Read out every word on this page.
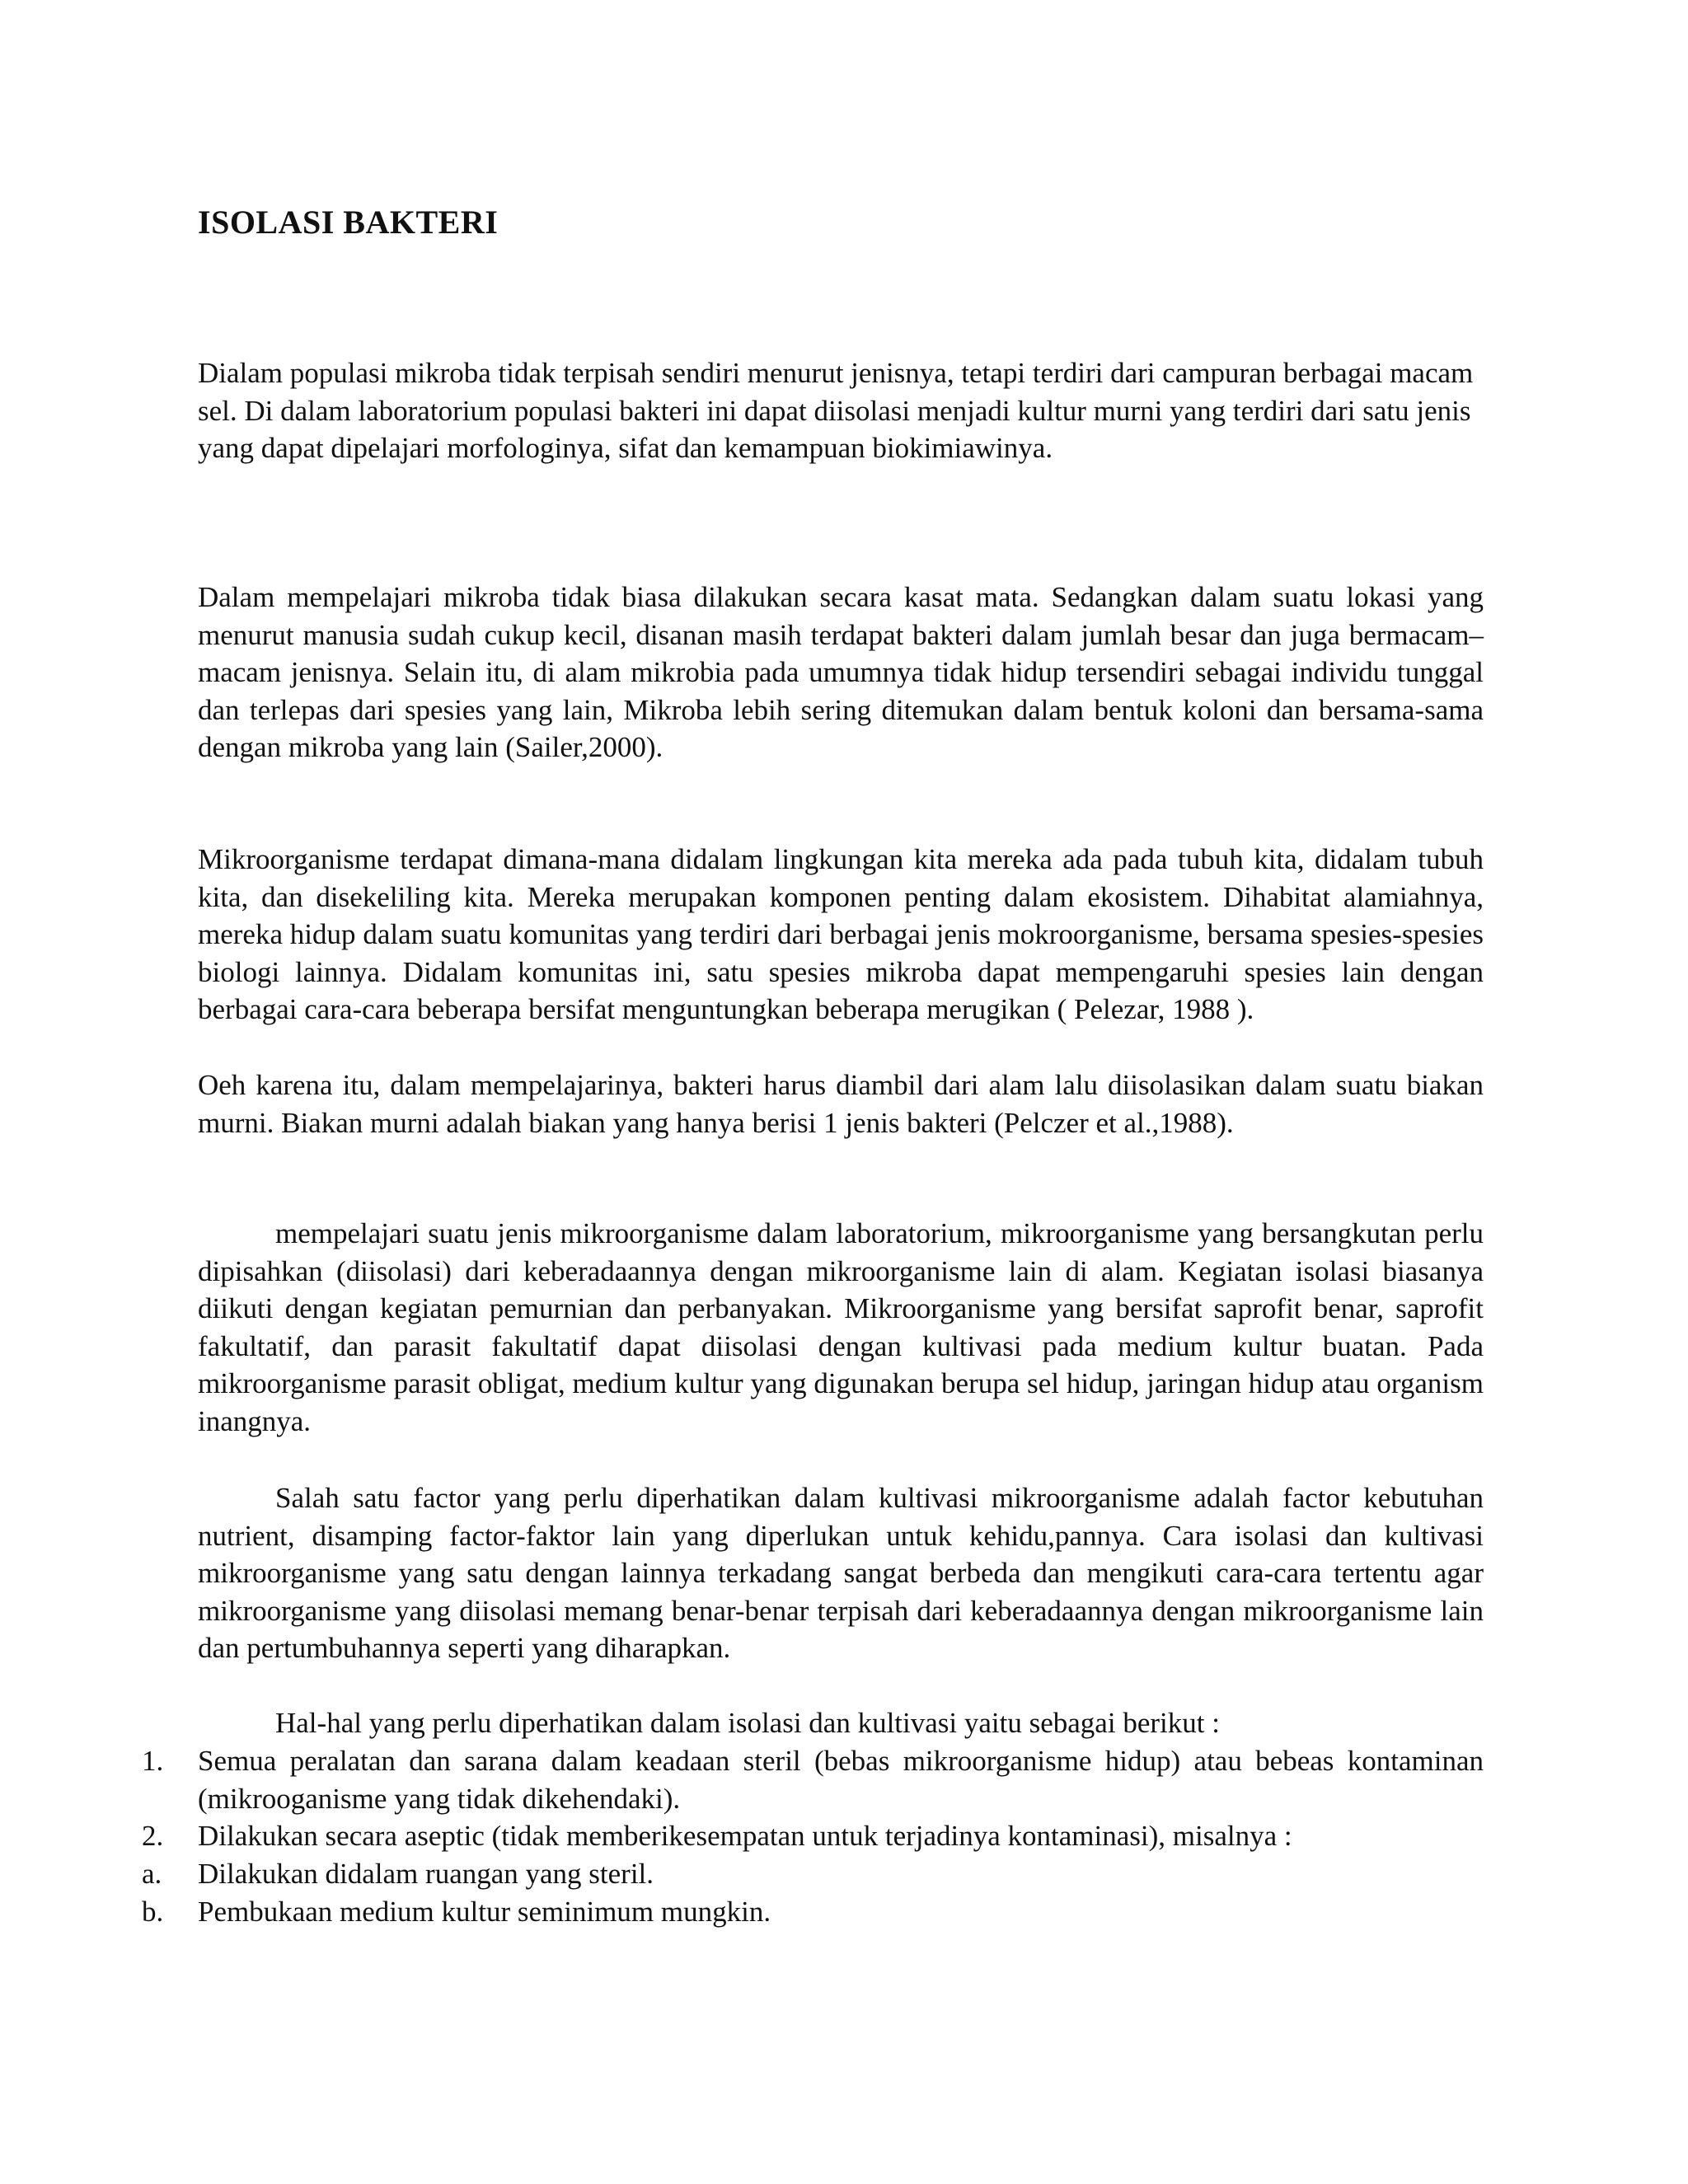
ISOLASI BAKTERI

Dialam populasi mikroba tidak terpisah sendiri menurut jenisnya, tetapi terdiri dari campuran berbagai macam sel. Di dalam laboratorium populasi bakteri ini dapat diisolasi menjadi kultur murni yang terdiri dari satu jenis yang dapat dipelajari morfologinya, sifat dan kemampuan biokimiawinya.

Dalam mempelajari mikroba tidak biasa dilakukan secara kasat mata. Sedangkan dalam suatu lokasi yang menurut manusia sudah cukup kecil, disanan masih terdapat bakteri dalam jumlah besar dan juga bermacam–macam jenisnya. Selain itu, di alam mikrobia pada umumnya tidak hidup tersendiri sebagai individu tunggal dan terlepas dari spesies yang lain, Mikroba lebih sering ditemukan dalam bentuk koloni dan bersama-sama dengan mikroba yang lain (Sailer,2000).

Mikroorganisme terdapat dimana-mana didalam lingkungan kita mereka ada pada tubuh kita, didalam tubuh kita, dan disekeliling kita. Mereka merupakan komponen penting dalam ekosistem. Dihabitat alamiahnya, mereka hidup dalam suatu komunitas yang terdiri dari berbagai jenis mokroorganisme, bersama spesies-spesies biologi lainnya. Didalam komunitas ini, satu spesies mikroba dapat mempengaruhi spesies lain dengan berbagai cara-cara beberapa bersifat menguntungkan beberapa merugikan ( Pelezar, 1988 ).

Oeh karena itu, dalam mempelajarinya, bakteri harus diambil dari alam lalu diisolasikan dalam suatu biakan murni. Biakan murni adalah biakan yang hanya berisi 1 jenis bakteri (Pelczer et al.,1988).

mempelajari suatu jenis mikroorganisme dalam laboratorium, mikroorganisme yang bersangkutan perlu dipisahkan (diisolasi) dari keberadaannya dengan mikroorganisme lain di alam. Kegiatan isolasi biasanya diikuti dengan kegiatan pemurnian dan perbanyakan. Mikroorganisme yang bersifat saprofit benar, saprofit fakultatif, dan parasit fakultatif dapat diisolasi dengan kultivasi pada medium kultur buatan. Pada mikroorganisme parasit obligat, medium kultur yang digunakan berupa sel hidup, jaringan hidup atau organism inangnya.

Salah satu factor yang perlu diperhatikan dalam kultivasi mikroorganisme adalah factor kebutuhan nutrient, disamping factor-faktor lain yang diperlukan untuk kehidu,pannya. Cara isolasi dan kultivasi mikroorganisme yang satu dengan lainnya terkadang sangat berbeda dan mengikuti cara-cara tertentu agar mikroorganisme yang diisolasi memang benar-benar terpisah dari keberadaannya dengan mikroorganisme lain dan pertumbuhannya seperti yang diharapkan.

Hal-hal yang perlu diperhatikan dalam isolasi dan kultivasi yaitu sebagai berikut :

1.	Semua peralatan dan sarana dalam keadaan steril (bebas mikroorganisme hidup) atau bebeas kontaminan (mikrooganisme yang tidak dikehendaki).
2.	Dilakukan secara aseptic (tidak memberikesempatan untuk terjadinya kontaminasi), misalnya :
a.	Dilakukan didalam ruangan yang steril.
b.	Pembukaan medium kultur seminimum mungkin.
